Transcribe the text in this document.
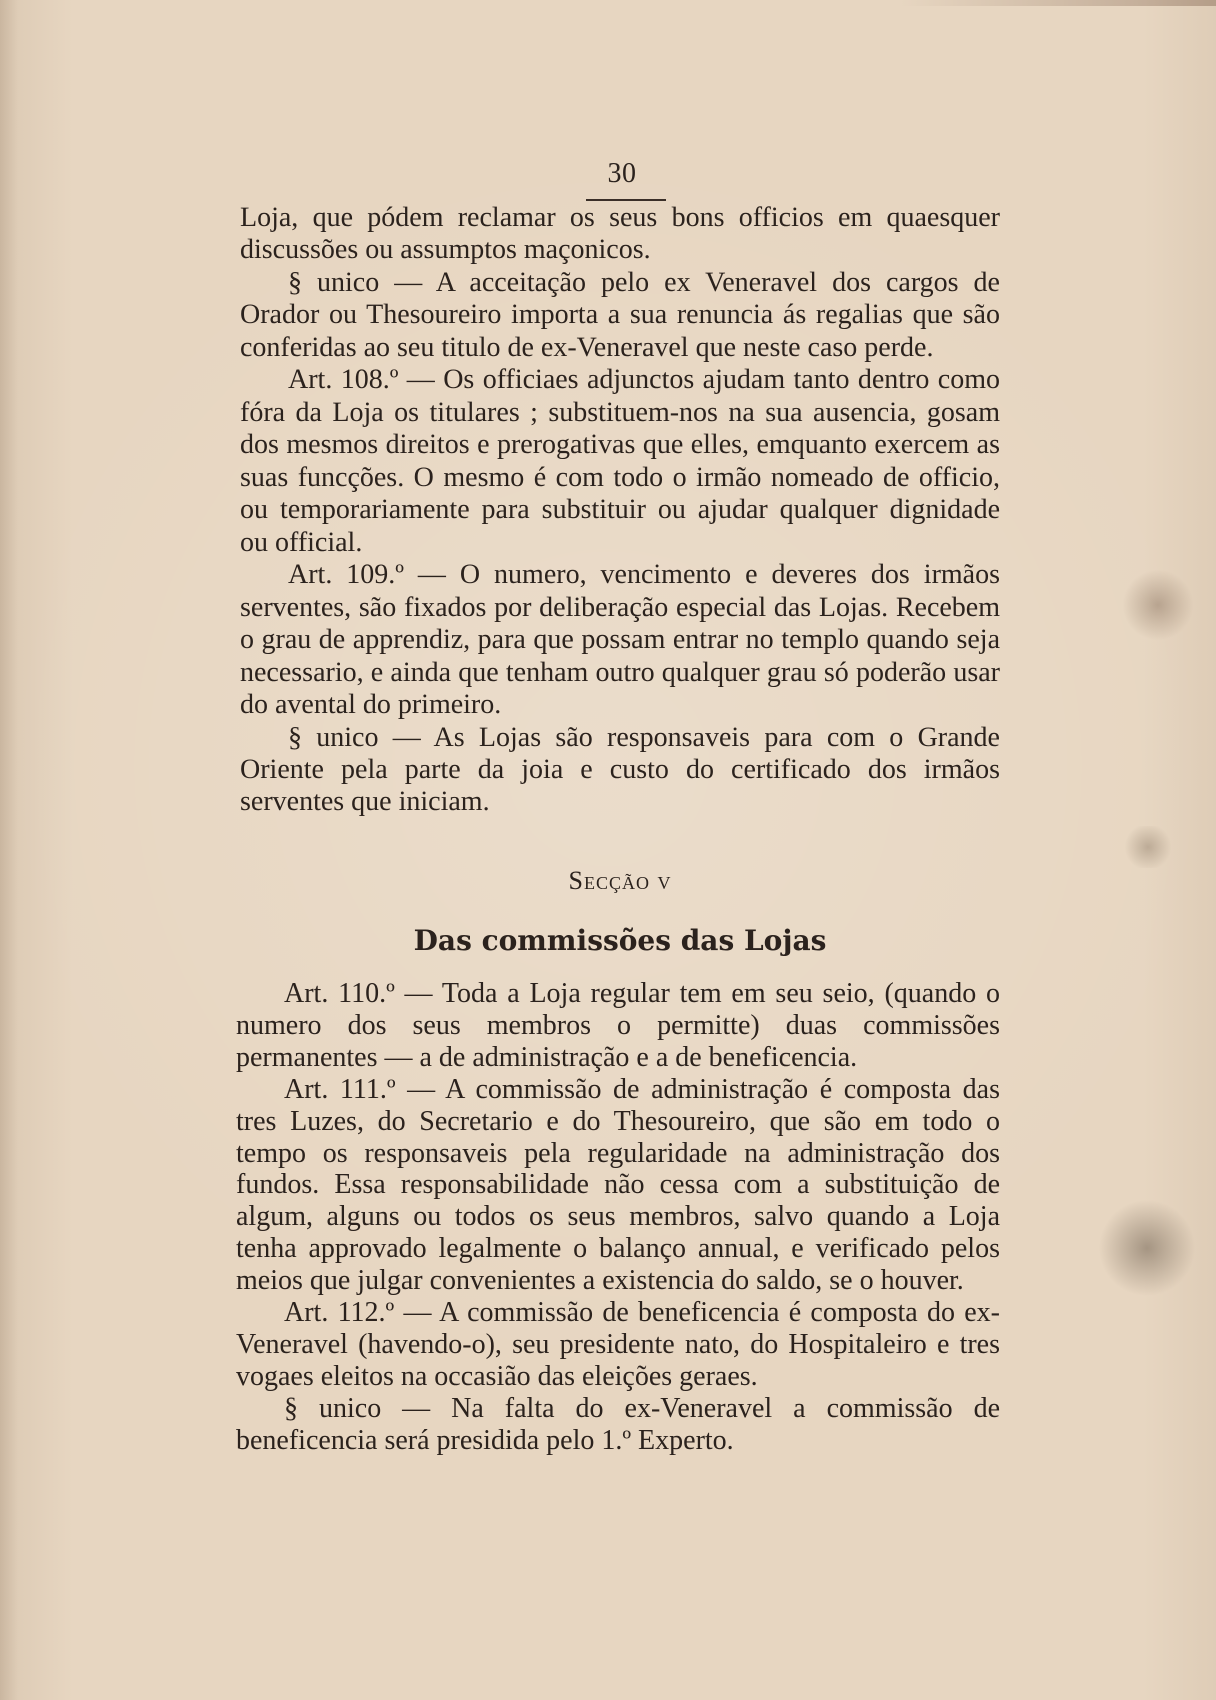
30

Loja, que pódem reclamar os seus bons officios em quaesquer discussões ou assumptos maçonicos.

§ unico — A acceitação pelo ex Veneravel dos cargos de Orador ou Thesoureiro importa a sua renuncia ás regalias que são conferidas ao seu titulo de ex-Veneravel que neste caso perde.

Art. 108.º — Os officiaes adjunctos ajudam tanto dentro como fóra da Loja os titulares ; substituem-nos na sua ausencia, gosam dos mesmos direitos e prerogativas que elles, emquanto exercem as suas funcções. O mesmo é com todo o irmão nomeado de officio, ou temporariamente para substituir ou ajudar qualquer dignidade ou official.

Art. 109.º — O numero, vencimento e deveres dos irmãos serventes, são fixados por deliberação especial das Lojas. Recebem o grau de apprendiz, para que possam entrar no templo quando seja necessario, e ainda que tenham outro qualquer grau só poderão usar do avental do primeiro.

§ unico — As Lojas são responsaveis para com o Grande Oriente pela parte da joia e custo do certificado dos irmãos serventes que iniciam.

Secção v
Das commissões das Lojas

Art. 110.º — Toda a Loja regular tem em seu seio, (quando o numero dos seus membros o permitte) duas commissões permanentes — a de administração e a de beneficencia.

Art. 111.º — A commissão de administração é composta das tres Luzes, do Secretario e do Thesoureiro, que são em todo o tempo os responsaveis pela regularidade na administração dos fundos. Essa responsabilidade não cessa com a substituição de algum, alguns ou todos os seus membros, salvo quando a Loja tenha approvado legalmente o balanço annual, e verificado pelos meios que julgar convenientes a existencia do saldo, se o houver.

Art. 112.º — A commissão de beneficencia é composta do ex-Veneravel (havendo-o), seu presidente nato, do Hospitaleiro e tres vogaes eleitos na occasião das eleições geraes.

§ unico — Na falta do ex-Veneravel a commissão de beneficencia será presidida pelo 1.º Experto.
